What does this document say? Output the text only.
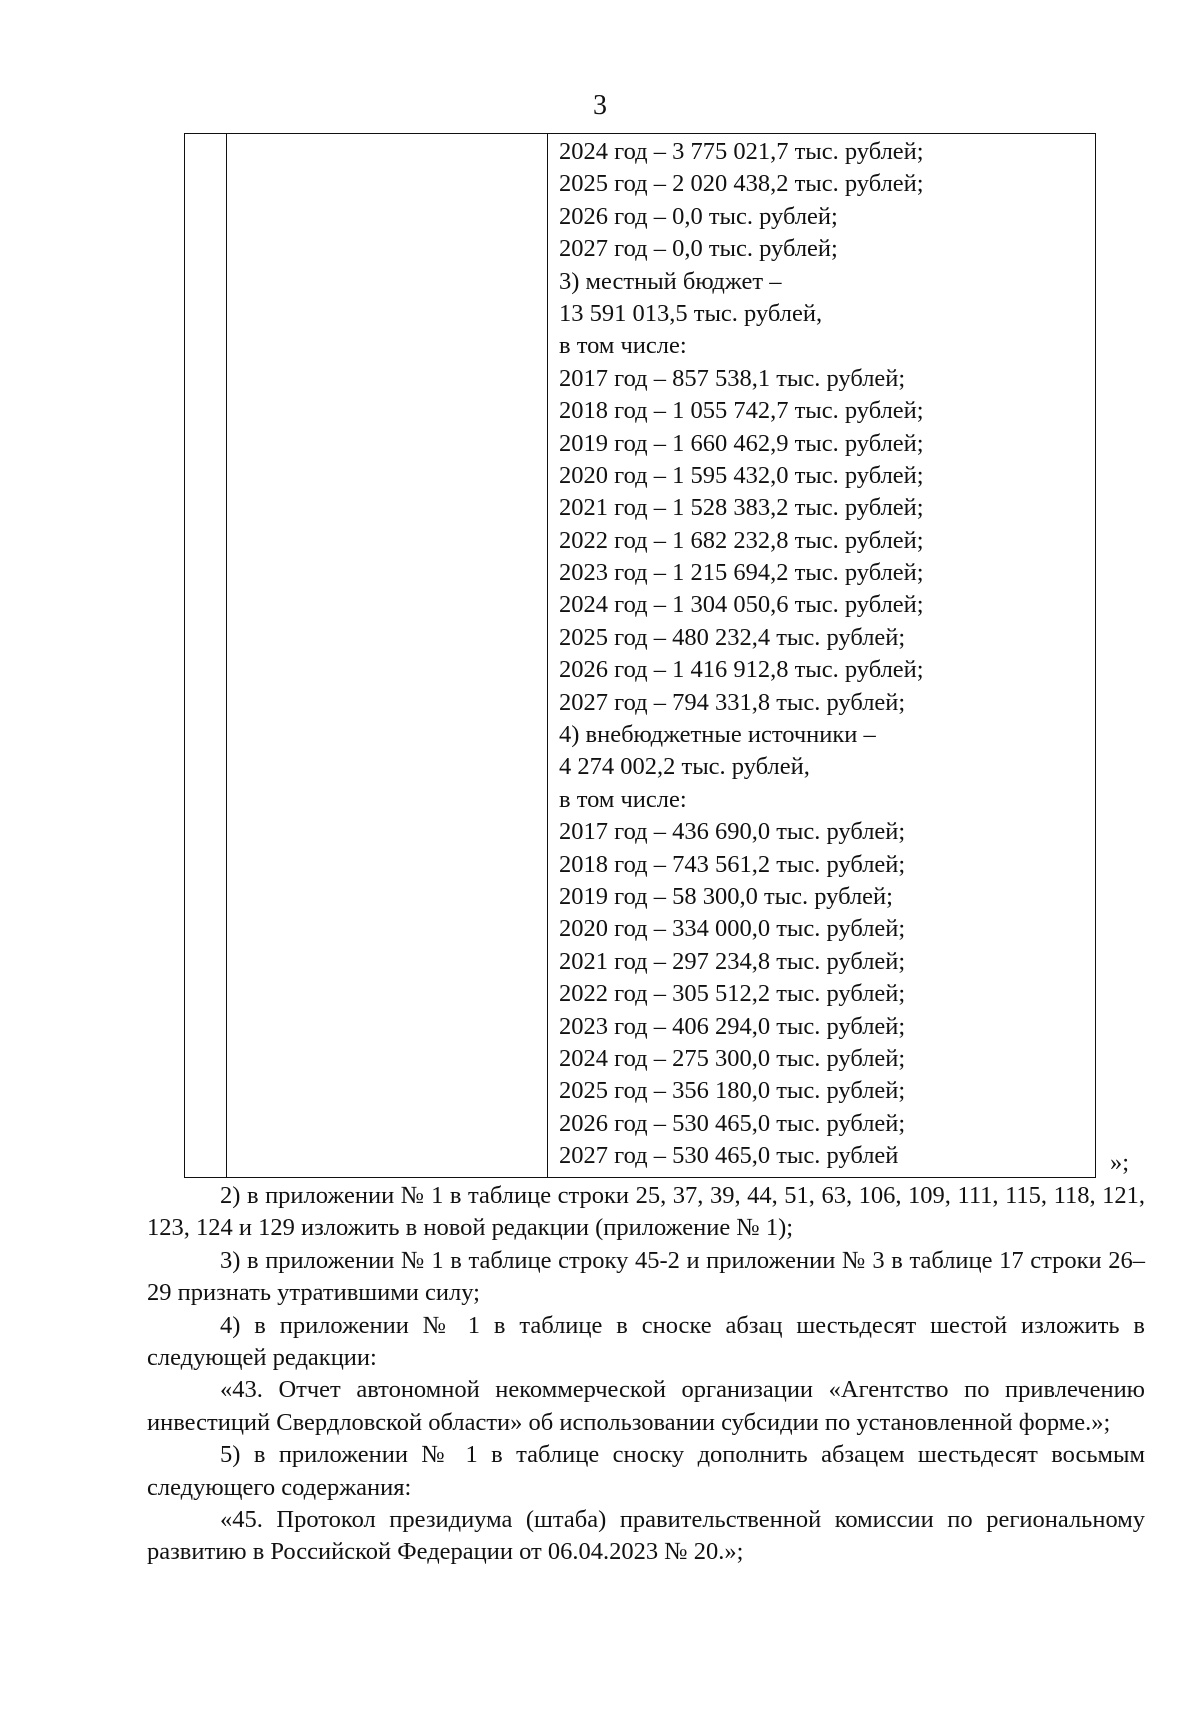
3
2024 год – 3 775 021,7 тыс. рублей;
2025 год – 2 020 438,2 тыс. рублей;
2026 год – 0,0 тыс. рублей;
2027 год – 0,0 тыс. рублей;
3) местный бюджет –
13 591 013,5 тыс. рублей,
в том числе:
2017 год – 857 538,1 тыс. рублей;
2018 год – 1 055 742,7 тыс. рублей;
2019 год – 1 660 462,9 тыс. рублей;
2020 год – 1 595 432,0 тыс. рублей;
2021 год – 1 528 383,2 тыс. рублей;
2022 год – 1 682 232,8 тыс. рублей;
2023 год – 1 215 694,2 тыс. рублей;
2024 год – 1 304 050,6 тыс. рублей;
2025 год – 480 232,4 тыс. рублей;
2026 год – 1 416 912,8 тыс. рублей;
2027 год – 794 331,8 тыс. рублей;
4) внебюджетные источники –
4 274 002,2 тыс. рублей,
в том числе:
2017 год – 436 690,0 тыс. рублей;
2018 год – 743 561,2 тыс. рублей;
2019 год – 58 300,0 тыс. рублей;
2020 год – 334 000,0 тыс. рублей;
2021 год – 297 234,8 тыс. рублей;
2022 год – 305 512,2 тыс. рублей;
2023 год – 406 294,0 тыс. рублей;
2024 год – 275 300,0 тыс. рублей;
2025 год – 356 180,0 тыс. рублей;
2026 год – 530 465,0 тыс. рублей;
2027 год – 530 465,0 тыс. рублей	»;

2) в приложении № 1 в таблице строки 25, 37, 39, 44, 51, 63, 106, 109, 111, 115, 118, 121, 123, 124 и 129 изложить в новой редакции (приложение № 1);

3) в приложении № 1 в таблице строку 45-2 и приложении № 3 в таблице 17 строки 26–29 признать утратившими силу;

4) в приложении № 1 в таблице в сноске абзац шестьдесят шестой изложить в следующей редакции:

«43. Отчет автономной некоммерческой организации «Агентство по привлечению инвестиций Свердловской области» об использовании субсидии по установленной форме.»;

5) в приложении № 1 в таблице сноску дополнить абзацем шестьдесят восьмым следующего содержания:

«45. Протокол президиума (штаба) правительственной комиссии по региональному развитию в Российской Федерации от 06.04.2023 № 20.»;
